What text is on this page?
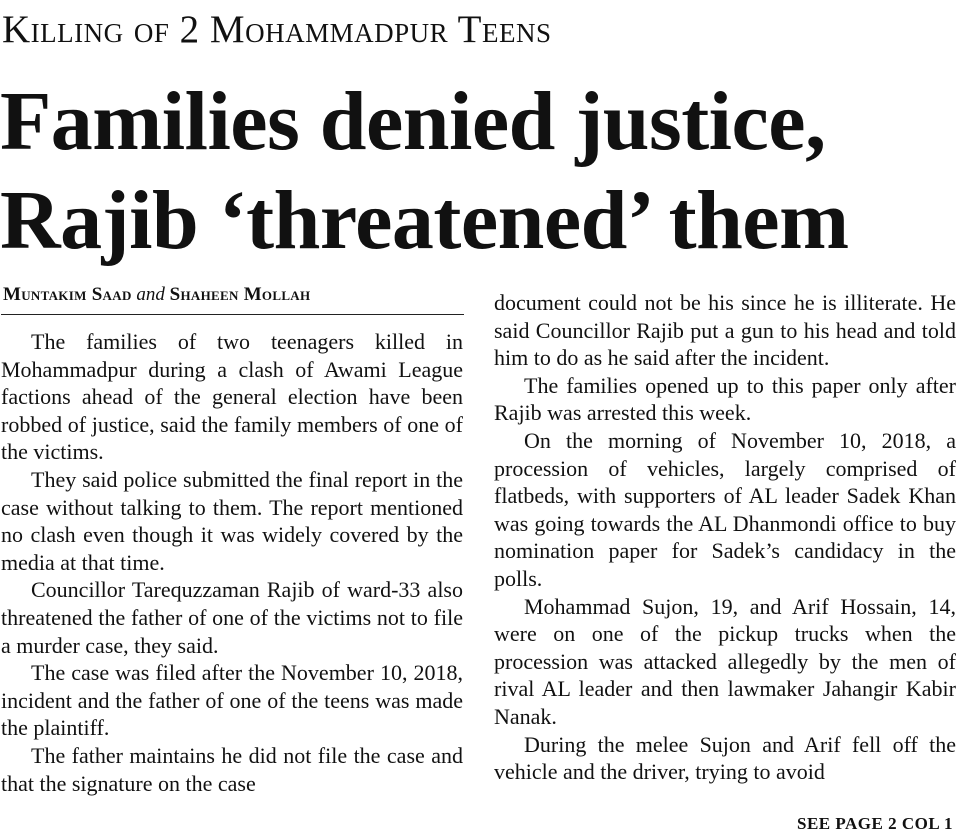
Killing of 2 Mohammadpur Teens
Families denied justice,
Rajib ‘threatened’ them
Muntakim Saad and Shaheen Mollah

The families of two teenagers killed in Mohammadpur during a clash of Awami League factions ahead of the general election have been robbed of justice, said the family members of one of the victims.

They said police submitted the final report in the case without talking to them. The report mentioned no clash even though it was widely covered by the media at that time.

Councillor Tarequzzaman Rajib of ward-33 also threatened the father of one of the victims not to file a murder case, they said.

The case was filed after the November 10, 2018, incident and the father of one of the teens was made the plaintiff.

The father maintains he did not file the case and that the signature on the case

document could not be his since he is illiterate. He said Councillor Rajib put a gun to his head and told him to do as he said after the incident.

The families opened up to this paper only after Rajib was arrested this week.

On the morning of November 10, 2018, a procession of vehicles, largely comprised of flatbeds, with supporters of AL leader Sadek Khan was going towards the AL Dhanmondi office to buy nomination paper for Sadek’s candidacy in the polls.

Mohammad Sujon, 19, and Arif Hossain, 14, were on one of the pickup trucks when the procession was attacked allegedly by the men of rival AL leader and then lawmaker Jahangir Kabir Nanak.

During the melee Sujon and Arif fell off the vehicle and the driver, trying to avoid

SEE PAGE 2 COL 1
